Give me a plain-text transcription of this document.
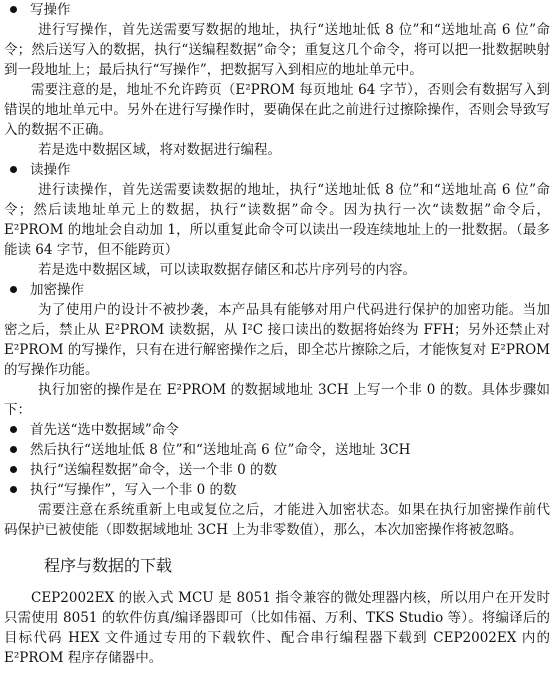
写操作

进行写操作，首先送需要写数据的地址，执行“送地址低 8 位”和“送地址高 6 位”命令；然后送写入的数据，执行“送编程数据”命令；重复这几个命令，将可以把一批数据映射到一段地址上；最后执行“写操作”，把数据写入到相应的地址单元中。

需要注意的是，地址不允许跨页（E²PROM 每页地址 64 字节），否则会有数据写入到错误的地址单元中。另外在进行写操作时，要确保在此之前进行过擦除操作，否则会导致写入的数据不正确。

若是选中数据区域，将对数据进行编程。

读操作

进行读操作，首先送需要读数据的地址，执行“送地址低 8 位”和“送地址高 6 位”命令；然后读地址单元上的数据，执行“读数据”命令。因为执行一次“读数据”命令后，E²PROM 的地址会自动加 1，所以重复此命令可以读出一段连续地址上的一批数据。（最多能读 64 字节，但不能跨页）

若是选中数据区域，可以读取数据存储区和芯片序列号的内容。

加密操作

为了使用户的设计不被抄袭，本产品具有能够对用户代码进行保护的加密功能。当加密之后，禁止从 E²PROM 读数据，从 I²C 接口读出的数据将始终为 FFH；另外还禁止对 E²PROM 的写操作，只有在进行解密操作之后，即全芯片擦除之后，才能恢复对 E²PROM 的写操作功能。

执行加密的操作是在 E²PROM 的数据域地址 3CH 上写一个非 0 的数。具体步骤如下：

首先送“选中数据域”命令

然后执行“送地址低 8 位”和“送地址高 6 位”命令，送地址 3CH

执行“送编程数据”命令，送一个非 0 的数

执行“写操作”，写入一个非 0 的数

需要注意在系统重新上电或复位之后，才能进入加密状态。如果在执行加密操作前代码保护已被使能（即数据域地址 3CH 上为非零数值），那么，本次加密操作将被忽略。

程序与数据的下载

CEP2002EX 的嵌入式 MCU 是 8051 指令兼容的微处理器内核，所以用户在开发时只需使用 8051 的软件仿真/编译器即可（比如伟福、万利、TKS Studio 等）。将编译后的目标代码 HEX 文件通过专用的下载软件、配合串行编程器下载到 CEP2002EX 内的 E²PROM 程序存储器中。
